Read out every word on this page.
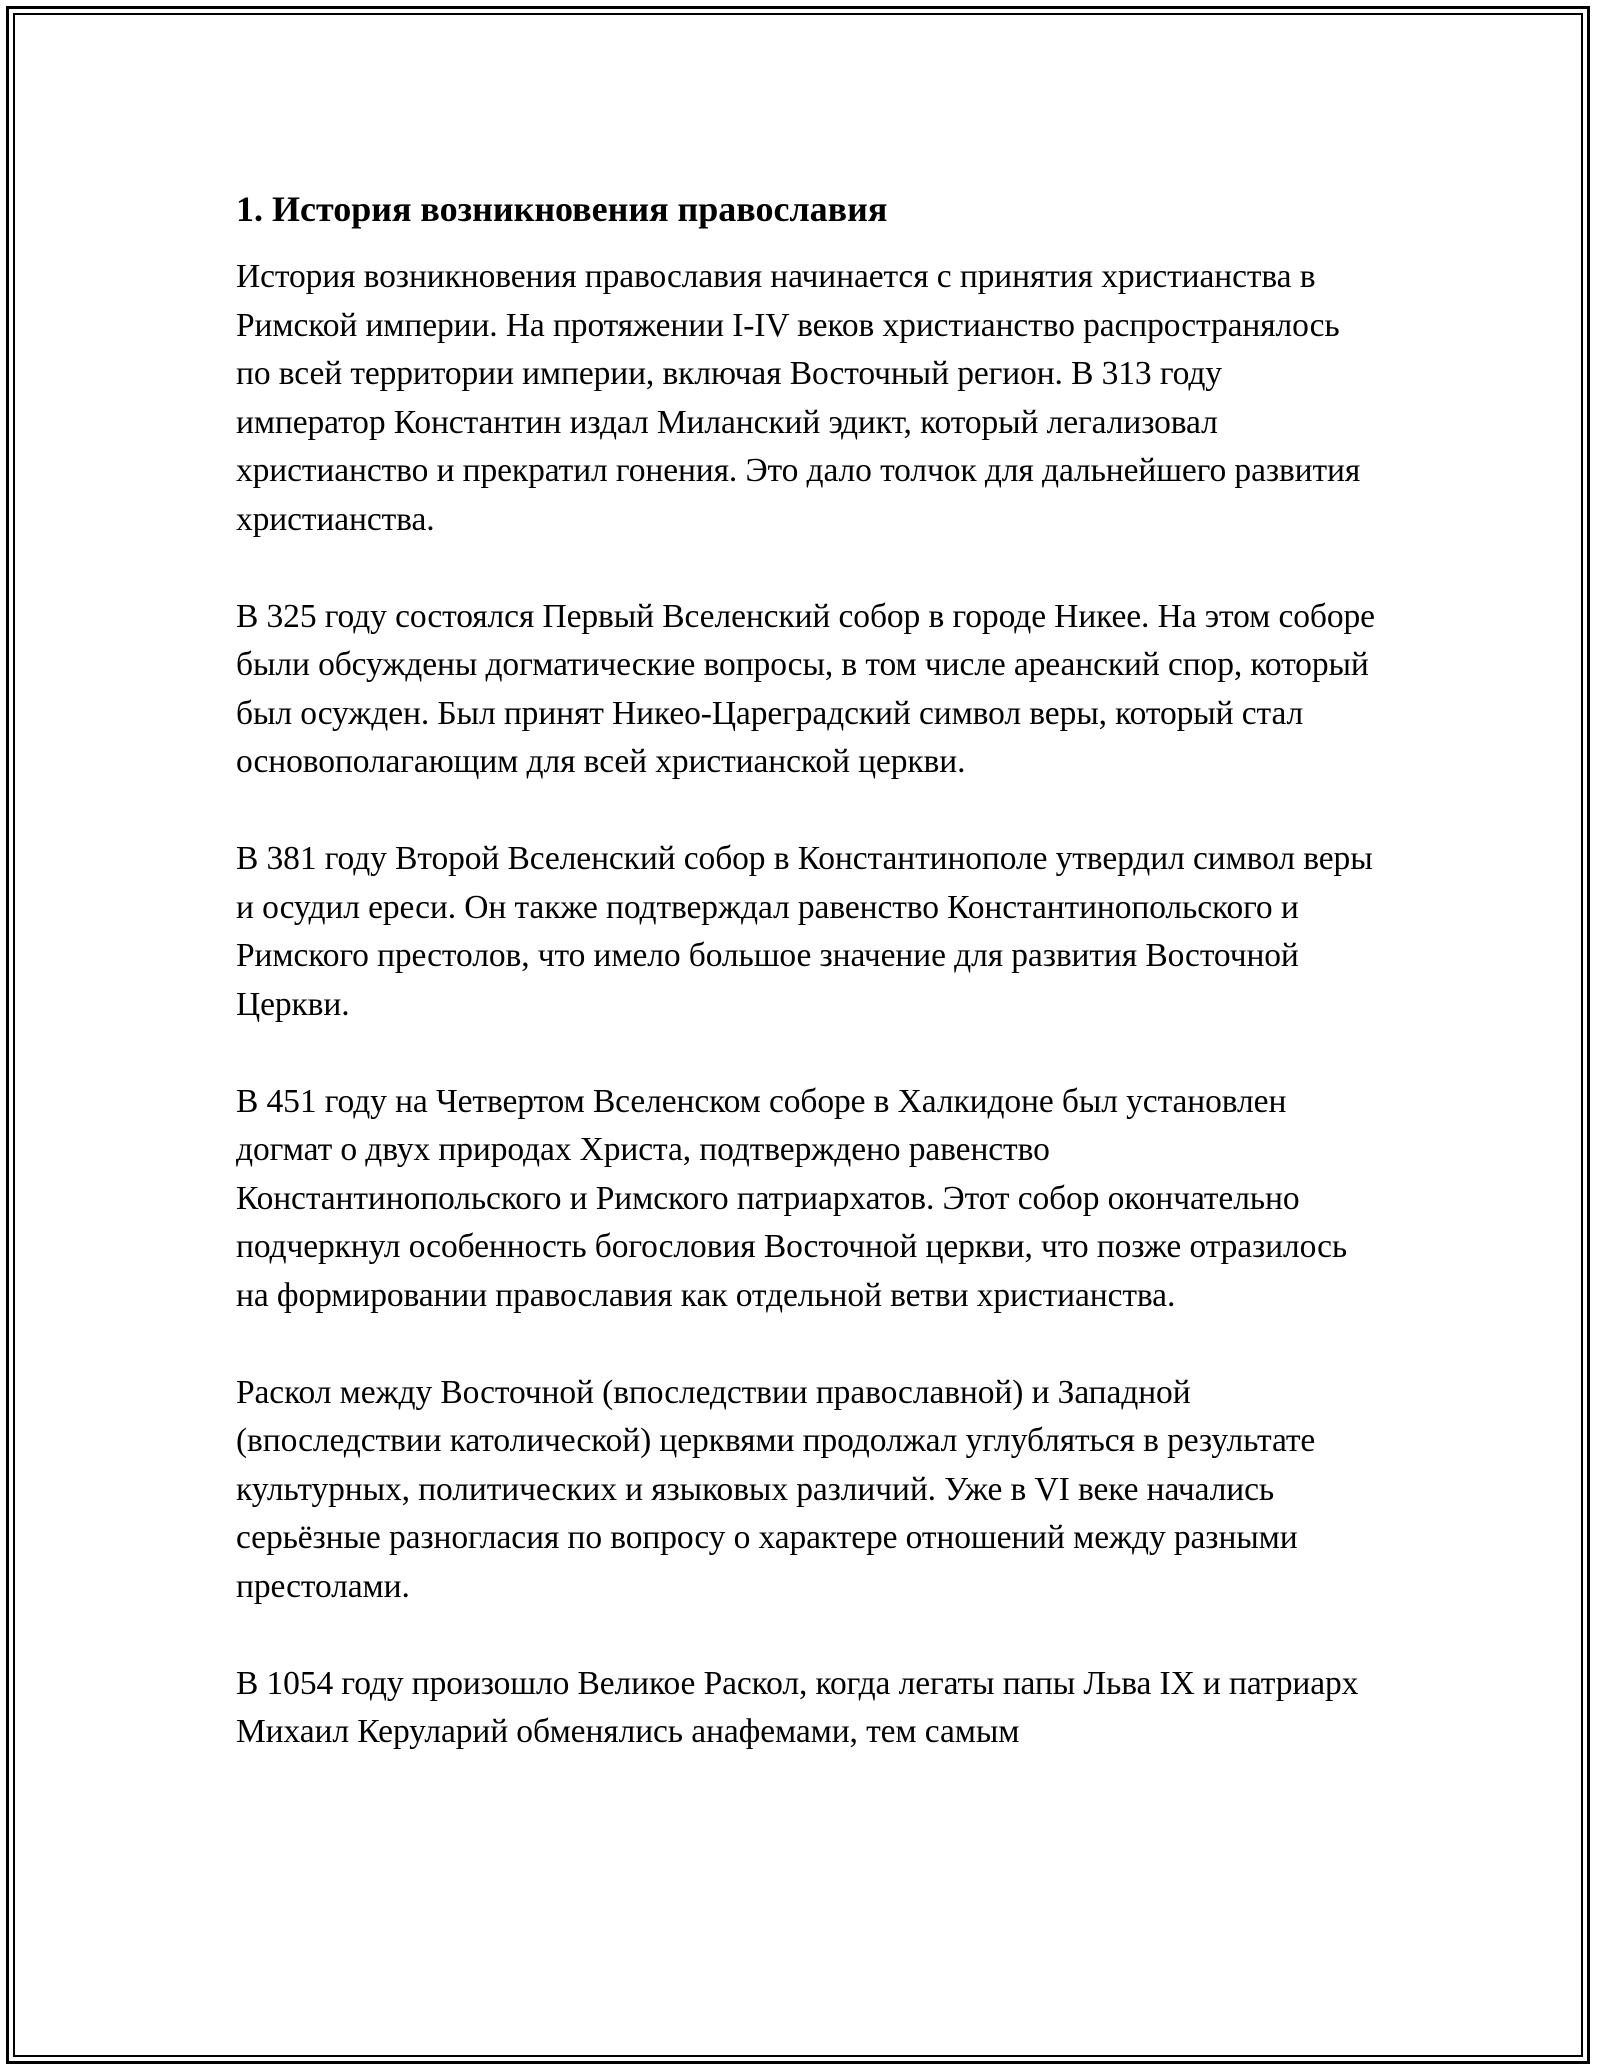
1. История возникновения православия

История возникновения православия начинается с принятия христианства в Римской империи. На протяжении I-IV веков христианство распространялось по всей территории империи, включая Восточный регион. В 313 году император Константин издал Миланский эдикт, который легализовал христианство и прекратил гонения. Это дало толчок для дальнейшего развития христианства.

В 325 году состоялся Первый Вселенский собор в городе Никее. На этом соборе были обсуждены догматические вопросы, в том числе ареанский спор, который был осужден. Был принят Никео-Цареградский символ веры, который стал основополагающим для всей христианской церкви.

В 381 году Второй Вселенский собор в Константинополе утвердил символ веры и осудил ереси. Он также подтверждал равенство Константинопольского и Римского престолов, что имело большое значение для развития Восточной Церкви.

В 451 году на Четвертом Вселенском соборе в Халкидоне был установлен догмат о двух природах Христа, подтверждено равенство Константинопольского и Римского патриархатов. Этот собор окончательно подчеркнул особенность богословия Восточной церкви, что позже отразилось на формировании православия как отдельной ветви христианства.

Раскол между Восточной (впоследствии православной) и Западной (впоследствии католической) церквями продолжал углубляться в результате культурных, политических и языковых различий. Уже в VI веке начались серьёзные разногласия по вопросу о характере отношений между разными престолами.

В 1054 году произошло Великое Раскол, когда легаты папы Льва IX и патриарх Михаил Керуларий обменялись анафемами, тем самым
